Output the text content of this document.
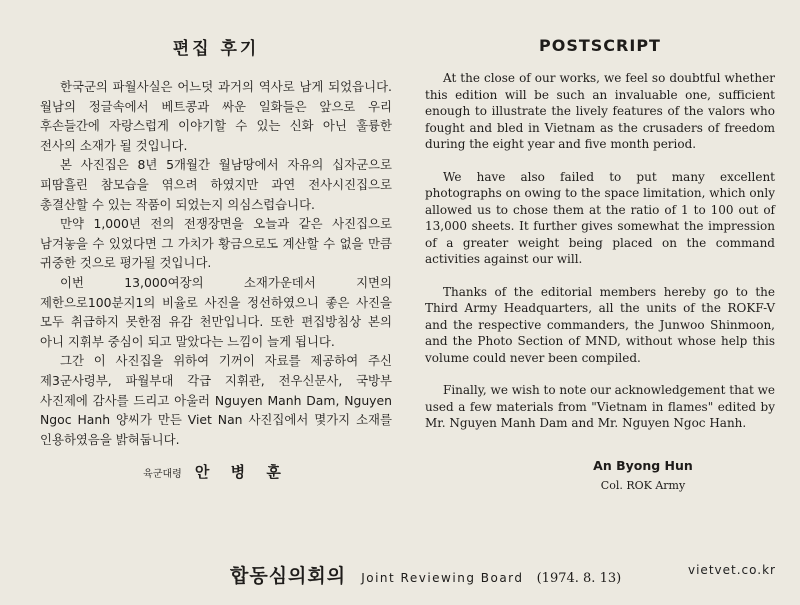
편집 후기

한국군의 파월사실은 어느덧 과거의 역사로 남게 되었읍니다. 월남의 정글속에서 베트콩과 싸운 일화들은 앞으로 우리 후손들간에 자랑스럽게 이야기할 수 있는 신화 아닌 훌륭한 전사의 소재가 될 것입니다.

본 사진집은 8년 5개월간 월남땅에서 자유의 십자군으로 피땀흘린 참모습을 엮으려 하였지만 과연 전사시진집으로 총결산할 수 있는 작품이 되었는지 의심스럽습니다.

만약 1,000년 전의 전쟁장면을 오늘과 같은 사진집으로 남겨놓을 수 있었다면 그 가치가 황금으로도 계산할 수 없을 만큼 귀중한 것으로 평가될 것입니다.

이번 13,000여장의 소재가운데서 지면의 제한으로100분지1의 비율로 사진을 정선하였으니 좋은 사진을 모두 취급하지 못한점 유감 천만입니다. 또한 편집방침상 본의 아니 지휘부 중심이 되고 말았다는 느낌이 늘게 됩니다.

그간 이 사진집을 위하여 기꺼이 자료를 제공하여 주신 제3군사령부, 파월부대 각급 지휘관, 전우신문사, 국방부 사진제에 감사를 드리고 아울러 Nguyen Manh Dam, Nguyen Ngoc Hanh 양씨가 만든 Viet Nan 사진집에서 몇가지 소재를 인용하였음을 밝혀둡니다.

육군대령 안 병 훈
POSTSCRIPT

At the close of our works, we feel so doubtful whether this edition will be such an invaluable one, sufficient enough to illustrate the lively features of the valors who fought and bled in Vietnam as the crusaders of freedom during the eight year and five month period.

We have also failed to put many excellent photographs on owing to the space limitation, which only allowed us to chose them at the ratio of 1 to 100 out of 13,000 sheets. It further gives somewhat the impression of a greater weight being placed on the command activities against our will.

Thanks of the editorial members hereby go to the Third Army Headquarters, all the units of the ROKF-V and the respective commanders, the Junwoo Shinmoon, and the Photo Section of MND, without whose help this volume could never been compiled.

Finally, we wish to note our acknowledgement that we used a few materials from "Vietnam in flames" edited by Mr. Nguyen Manh Dam and Mr. Nguyen Ngoc Hanh.

An Byong Hun
Col. ROK Army
합동심의회의 Joint Reviewing Board (1974. 8. 13)
vietvet.co.kr
